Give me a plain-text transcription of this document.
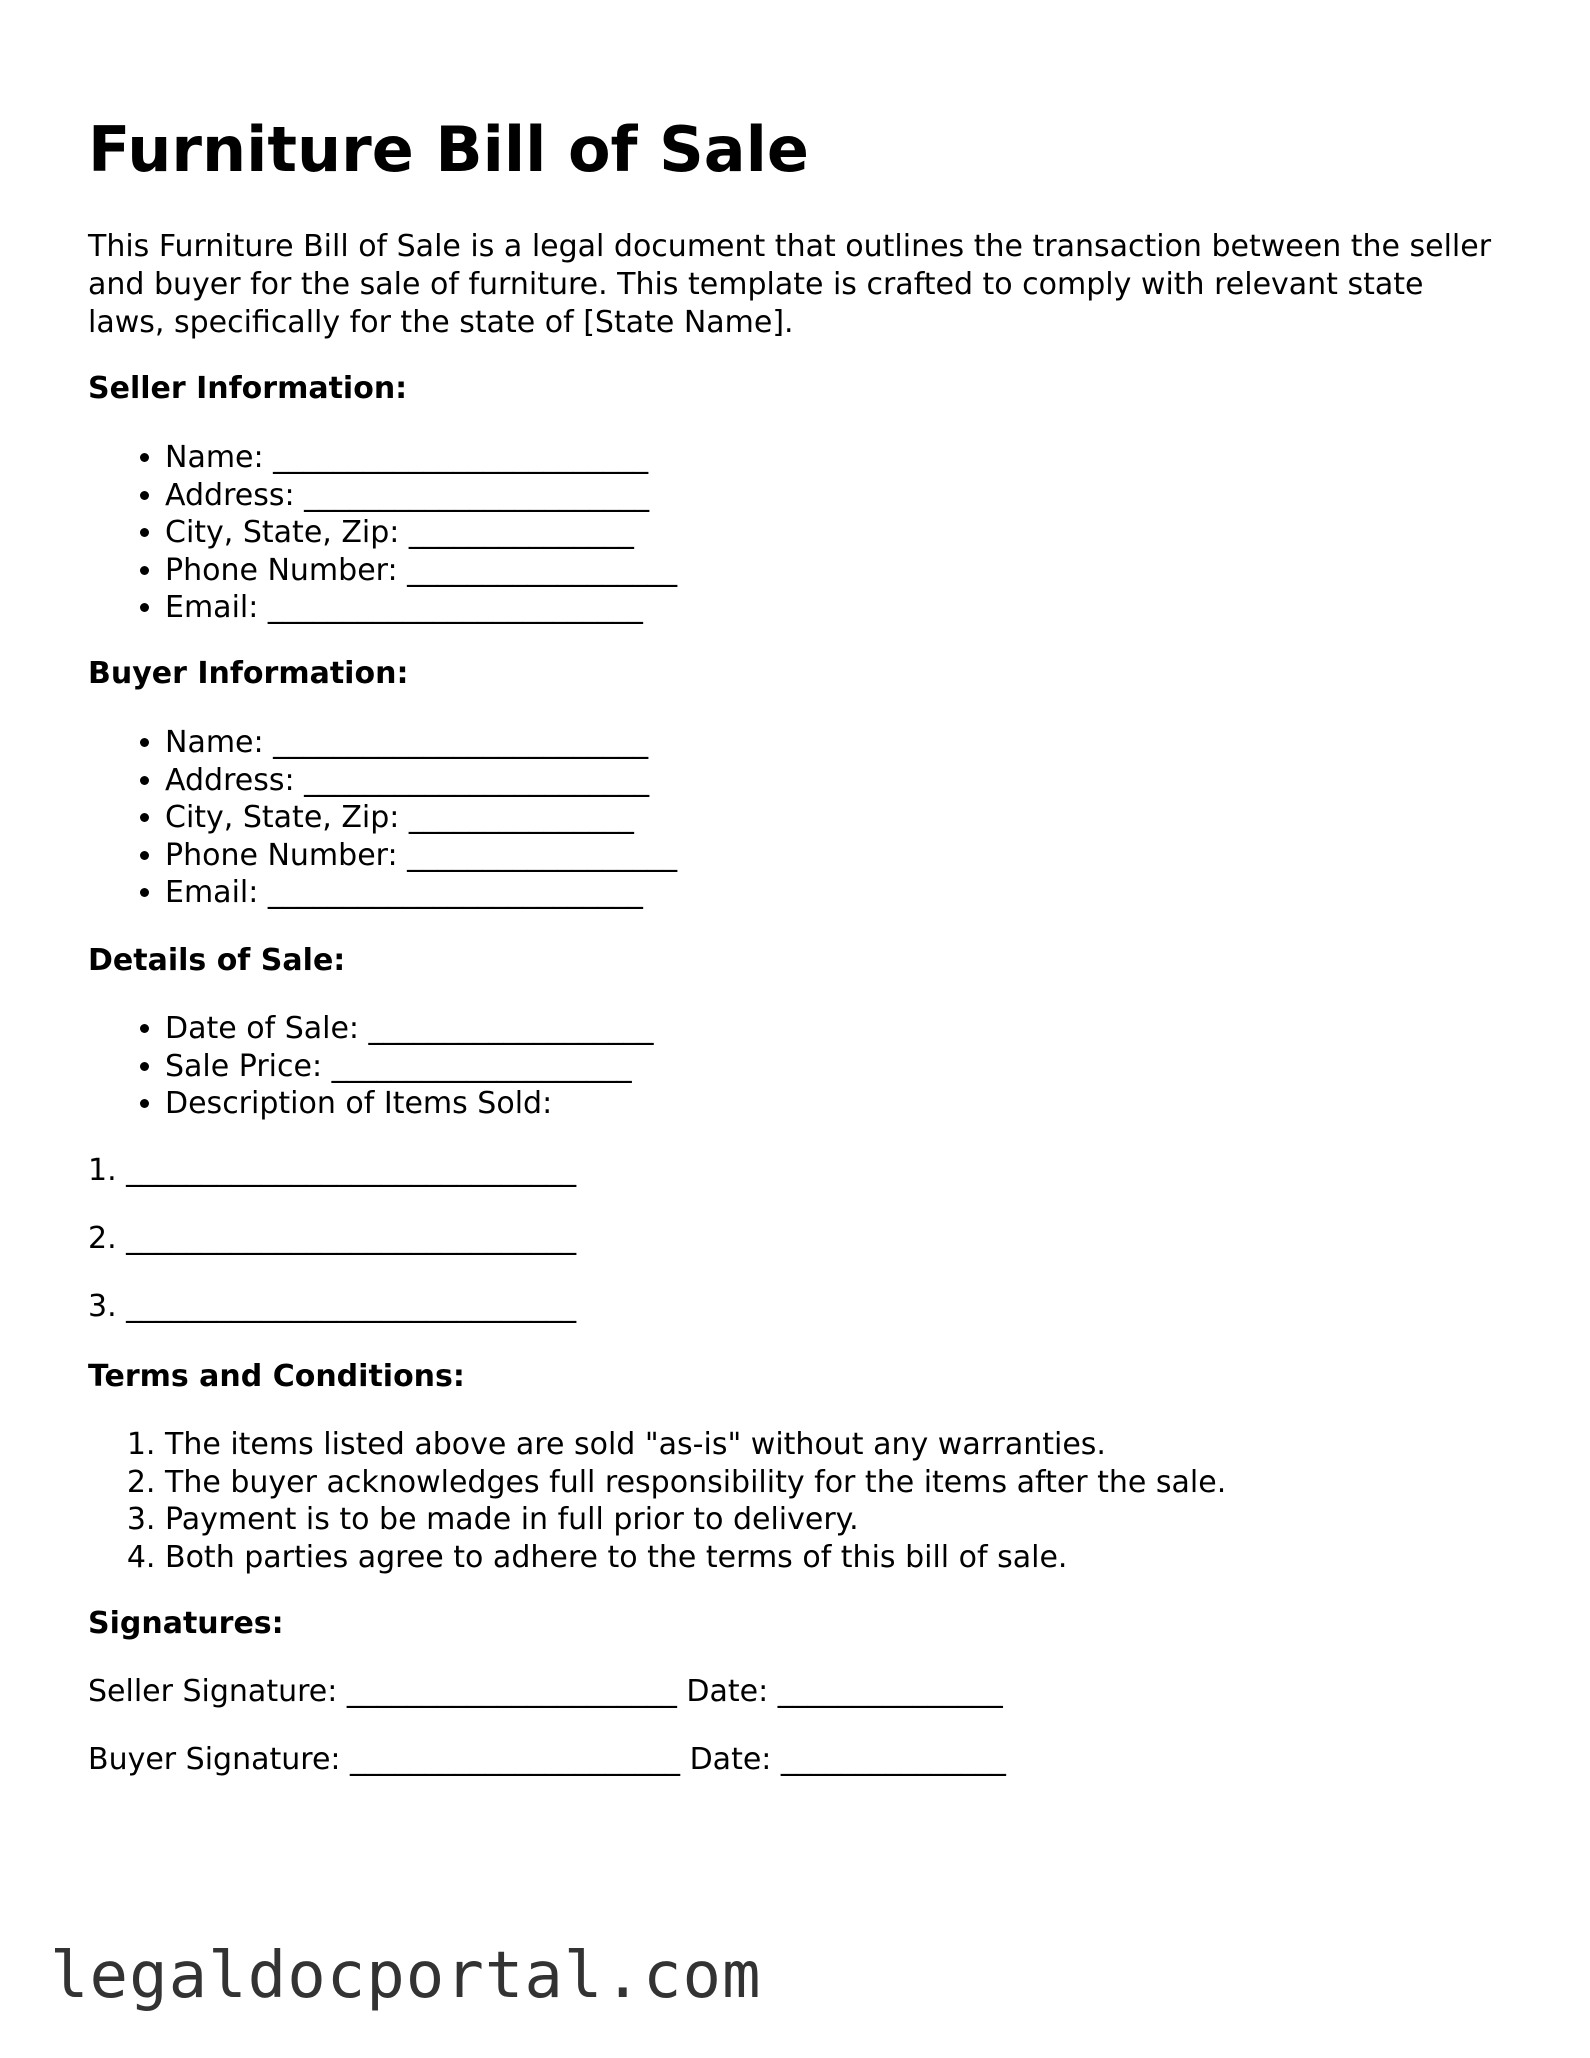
Furniture Bill of Sale

This Furniture Bill of Sale is a legal document that outlines the transaction between the seller and buyer for the sale of furniture. This template is crafted to comply with relevant state laws, specifically for the state of [State Name].

Seller Information:

• Name: _________________________
• Address: _______________________
• City, State, Zip: _______________
• Phone Number: __________________
• Email: _________________________

Buyer Information:

• Name: _________________________
• Address: _______________________
• City, State, Zip: _______________
• Phone Number: __________________
• Email: _________________________

Details of Sale:

• Date of Sale: ___________________
• Sale Price: ____________________
• Description of Items Sold:

1. ______________________________

2. ______________________________

3. ______________________________

Terms and Conditions:

1. The items listed above are sold "as-is" without any warranties.
2. The buyer acknowledges full responsibility for the items after the sale.
3. Payment is to be made in full prior to delivery.
4. Both parties agree to adhere to the terms of this bill of sale.

Signatures:

Seller Signature: ______________________ Date: _______________

Buyer Signature: ______________________ Date: _______________

legaldocportal.com
